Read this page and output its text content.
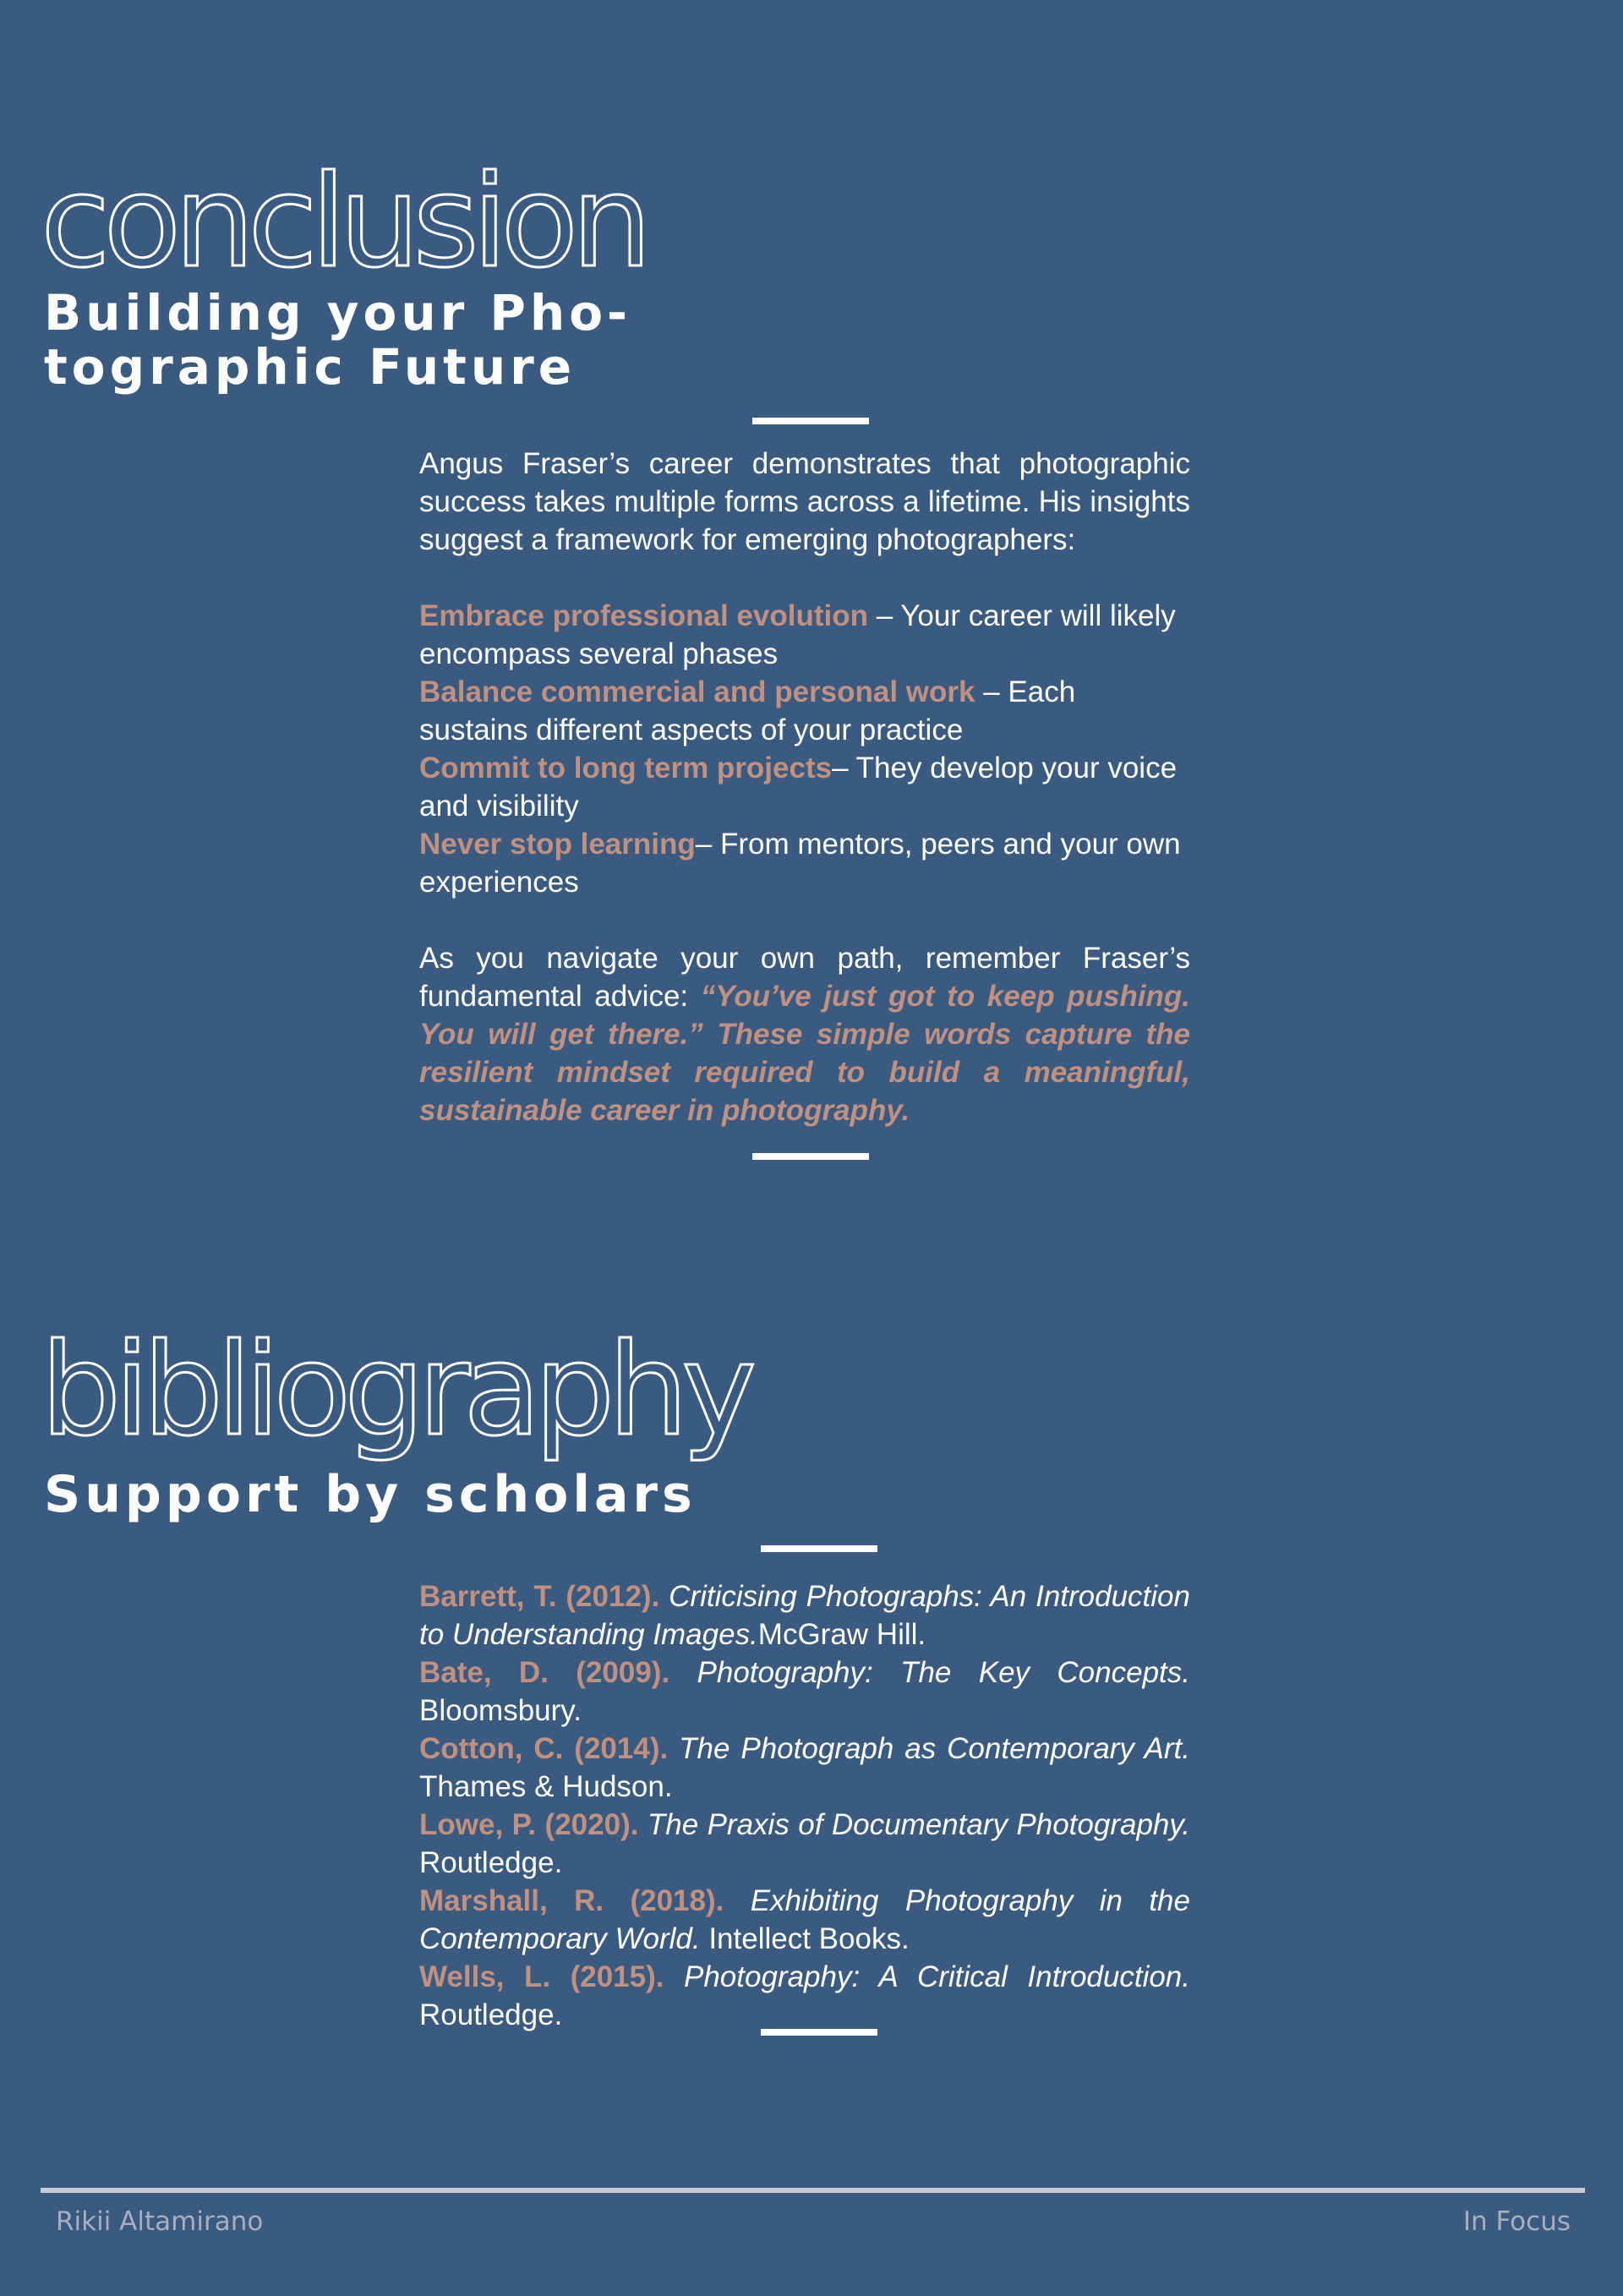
conclusion
Building your Pho-
tographic Future

Angus Fraser’s career demonstrates that photographic success takes multiple forms across a lifetime. His insights suggest a framework for emerging photographers:

Embrace professional evolution – Your career will likely encompass several phases

Balance commercial and personal work – Each sustains different aspects of your practice

Commit to long term projects– They develop your voice and visibility

Never stop learning– From mentors, peers and your own experiences

As you navigate your own path, remember Fraser’s fundamental advice: “You’ve just got to keep pushing. You will get there.” These simple words capture the resilient mindset required to build a meaningful, sustainable career in photography.

bibliography
Support by scholars

Barrett, T. (2012). Criticising Photographs: An Introduction to Understanding Images.McGraw Hill.

Bate, D. (2009). Photography: The Key Concepts. Bloomsbury.

Cotton, C. (2014). The Photograph as Contemporary Art. Thames & Hudson.

Lowe, P. (2020). The Praxis of Documentary Photography. Routledge.

Marshall, R. (2018). Exhibiting Photography in the Contemporary World. Intellect Books.

Wells, L. (2015). Photography: A Critical Introduction. Routledge.

Rikii Altamirano	In Focus
